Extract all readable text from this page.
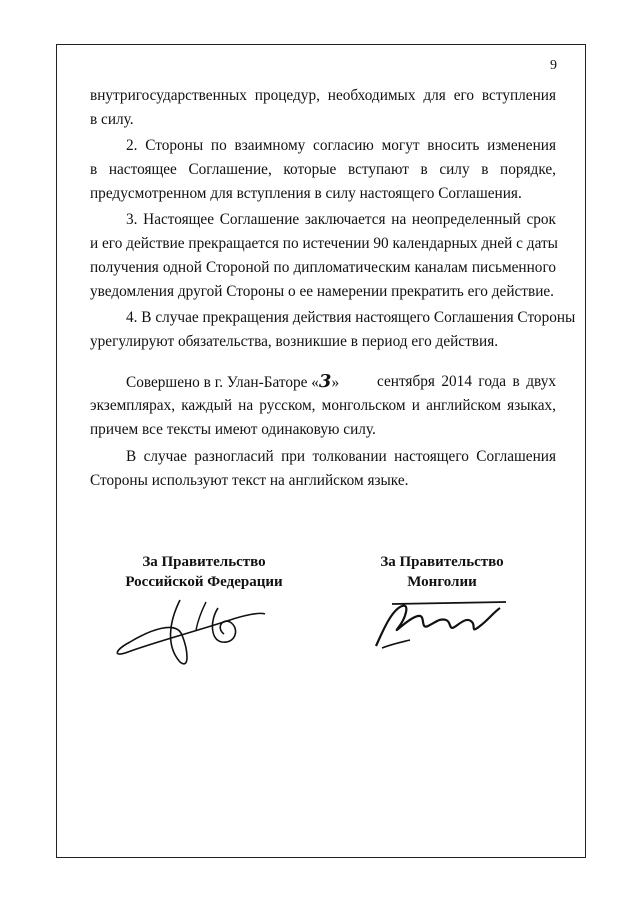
9
внутригосударственных процедур, необходимых для его вступления
в силу.
2. Стороны по взаимному согласию могут вносить изменения
в настоящее Соглашение, которые вступают в силу в порядке,
предусмотренном для вступления в силу настоящего Соглашения.
3. Настоящее Соглашение заключается на неопределенный срок
и его действие прекращается по истечении 90 календарных дней с даты
получения одной Стороной по дипломатическим каналам письменного
уведомления другой Стороны о ее намерении прекратить его действие.
4. В случае прекращения действия настоящего Соглашения Стороны
урегулируют обязательства, возникшие в период его действия.
Совершено в г. Улан-Баторе «3»	сентября 2014 года в двух
экземплярах, каждый на русском, монгольском и английском языках,
причем все тексты имеют одинаковую силу.
В случае разногласий при толковании настоящего Соглашения
Стороны используют текст на английском языке.
За Правительство
Российской Федерации
За Правительство
Монголии
